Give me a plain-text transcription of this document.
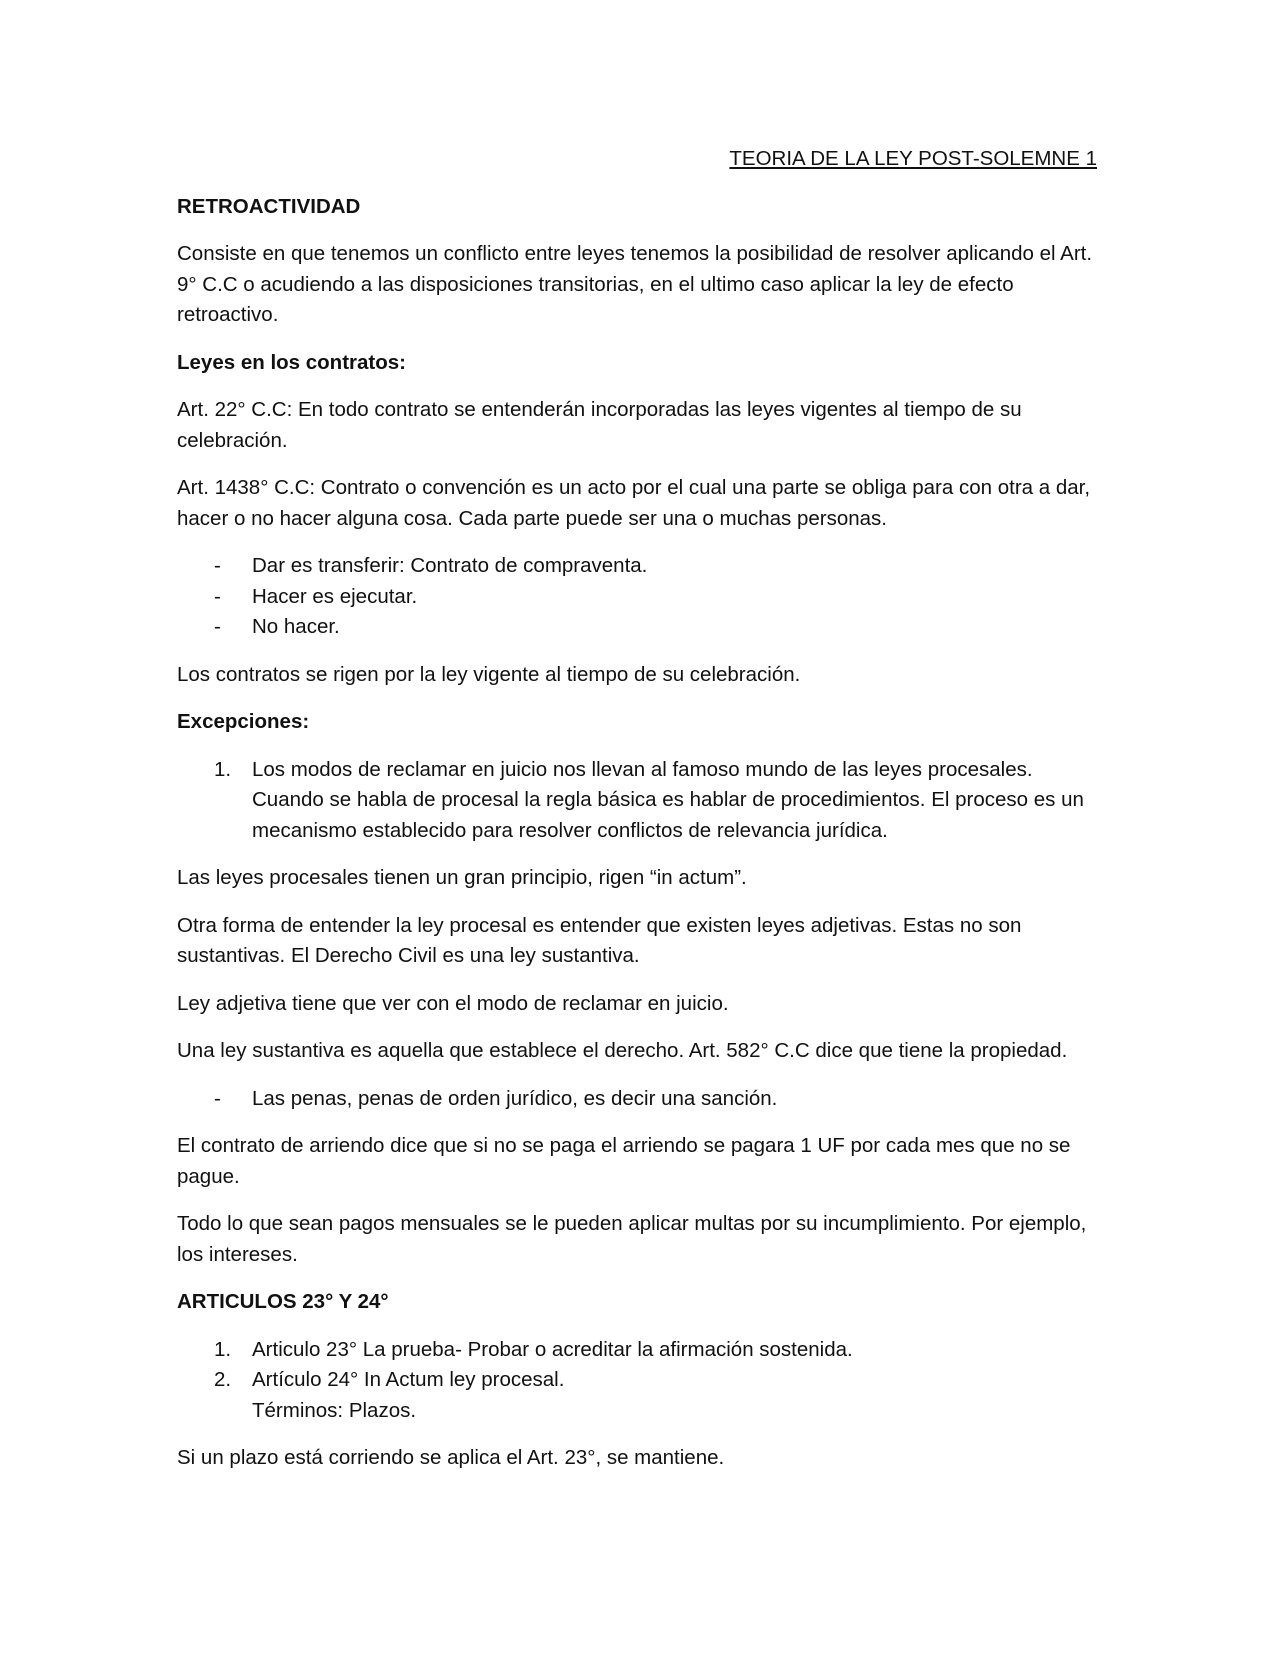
TEORIA DE LA LEY POST-SOLEMNE 1

RETROACTIVIDAD

Consiste en que tenemos un conflicto entre leyes tenemos la posibilidad de resolver aplicando el Art. 9° C.C o acudiendo a las disposiciones transitorias, en el ultimo caso aplicar la ley de efecto retroactivo.

Leyes en los contratos:

Art. 22° C.C: En todo contrato se entenderán incorporadas las leyes vigentes al tiempo de su celebración.

Art. 1438° C.C: Contrato o convención es un acto por el cual una parte se obliga para con otra a dar, hacer o no hacer alguna cosa. Cada parte puede ser una o muchas personas.

- Dar es transferir: Contrato de compraventa.
- Hacer es ejecutar.
- No hacer.

Los contratos se rigen por la ley vigente al tiempo de su celebración.

Excepciones:

1. Los modos de reclamar en juicio nos llevan al famoso mundo de las leyes procesales. Cuando se habla de procesal la regla básica es hablar de procedimientos. El proceso es un mecanismo establecido para resolver conflictos de relevancia jurídica.

Las leyes procesales tienen un gran principio, rigen “in actum”.

Otra forma de entender la ley procesal es entender que existen leyes adjetivas. Estas no son sustantivas. El Derecho Civil es una ley sustantiva.

Ley adjetiva tiene que ver con el modo de reclamar en juicio.

Una ley sustantiva es aquella que establece el derecho. Art. 582° C.C dice que tiene la propiedad.

- Las penas, penas de orden jurídico, es decir una sanción.

El contrato de arriendo dice que si no se paga el arriendo se pagara 1 UF por cada mes que no se pague.

Todo lo que sean pagos mensuales se le pueden aplicar multas por su incumplimiento. Por ejemplo, los intereses.

ARTICULOS 23° Y 24°

1. Articulo 23° La prueba- Probar o acreditar la afirmación sostenida.
2. Artículo 24° In Actum ley procesal.
Términos: Plazos.

Si un plazo está corriendo se aplica el Art. 23°, se mantiene.
